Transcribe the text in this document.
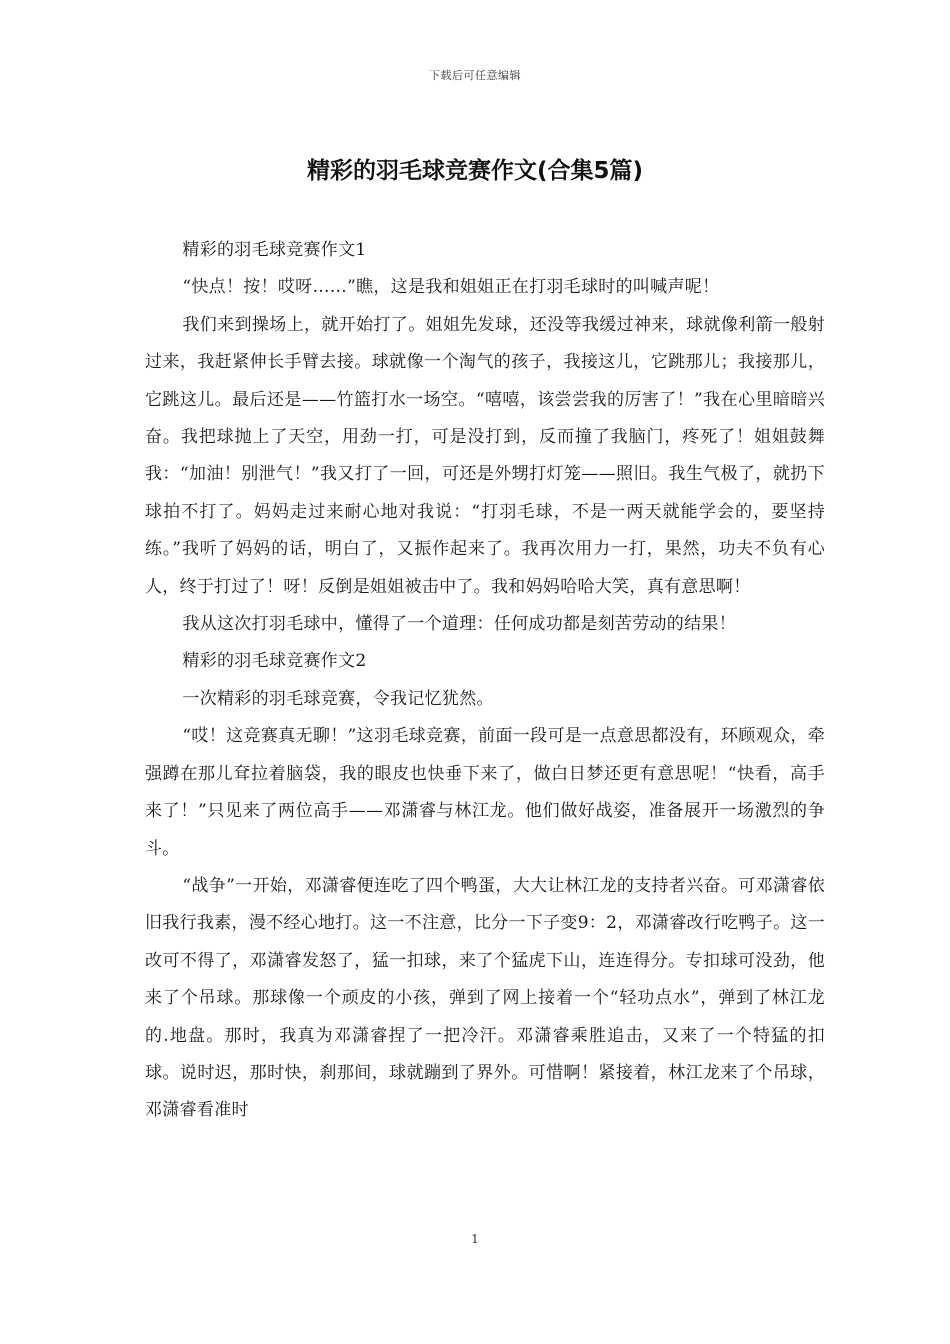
下载后可任意编辑
精彩的羽毛球竞赛作文(合集5篇)

精彩的羽毛球竞赛作文1

“快点！按！哎呀……”瞧，这是我和姐姐正在打羽毛球时的叫喊声呢！

我们来到操场上，就开始打了。姐姐先发球，还没等我缓过神来，球就像利箭一般射过来，我赶紧伸长手臂去接。球就像一个淘气的孩子，我接这儿，它跳那儿；我接那儿，它跳这儿。最后还是——竹篮打水一场空。“嘻嘻，该尝尝我的厉害了！”我在心里暗暗兴奋。我把球抛上了天空，用劲一打，可是没打到，反而撞了我脑门，疼死了！姐姐鼓舞我：“加油！别泄气！”我又打了一回，可还是外甥打灯笼——照旧。我生气极了，就扔下球拍不打了。妈妈走过来耐心地对我说：“打羽毛球，不是一两天就能学会的，要坚持练。”我听了妈妈的话，明白了，又振作起来了。我再次用力一打，果然，功夫不负有心人，终于打过了！呀！反倒是姐姐被击中了。我和妈妈哈哈大笑，真有意思啊！

我从这次打羽毛球中，懂得了一个道理：任何成功都是刻苦劳动的结果！

精彩的羽毛球竞赛作文2

一次精彩的羽毛球竞赛，令我记忆犹然。

“哎！这竞赛真无聊！”这羽毛球竞赛，前面一段可是一点意思都没有，环顾观众，牵强蹲在那儿耷拉着脑袋，我的眼皮也快垂下来了，做白日梦还更有意思呢！“快看，高手来了！”只见来了两位高手——邓潇睿与林江龙。他们做好战姿，准备展开一场激烈的争斗。

“战争”一开始，邓潇睿便连吃了四个鸭蛋，大大让林江龙的支持者兴奋。可邓潇睿依旧我行我素，漫不经心地打。这一不注意，比分一下子变9：2，邓潇睿改行吃鸭子。这一改可不得了，邓潇睿发怒了，猛一扣球，来了个猛虎下山，连连得分。专扣球可没劲，他来了个吊球。那球像一个顽皮的小孩，弹到了网上接着一个“轻功点水”，弹到了林江龙的.地盘。那时，我真为邓潇睿捏了一把冷汗。邓潇睿乘胜追击，又来了一个特猛的扣球。说时迟，那时快，刹那间，球就蹦到了界外。可惜啊！紧接着，林江龙来了个吊球，邓潇睿看准时

1
